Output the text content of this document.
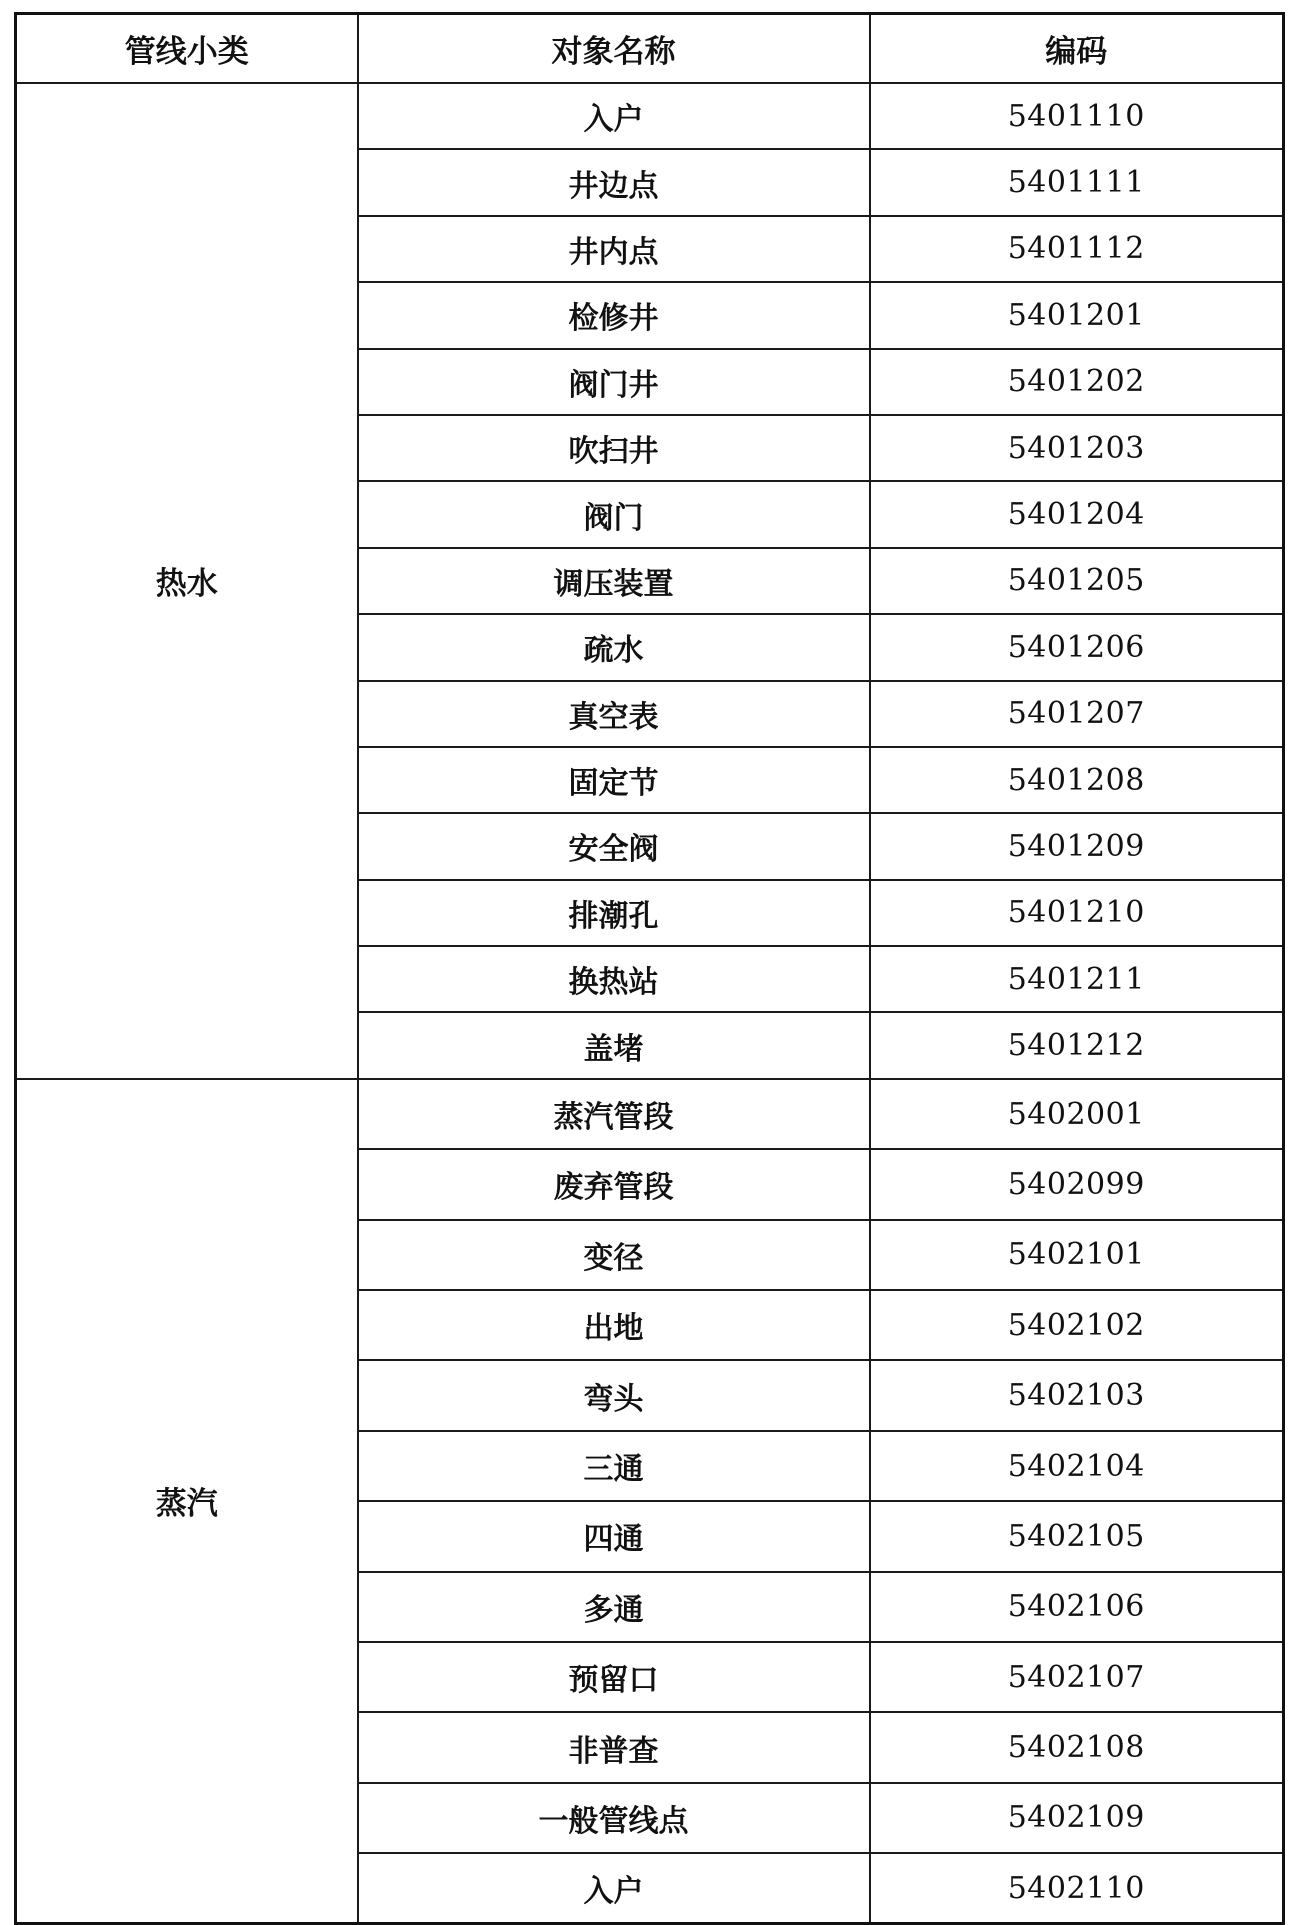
管线小类	对象名称	编码
热水	入户	5401110
	井边点	5401111
	井内点	5401112
	检修井	5401201
	阀门井	5401202
	吹扫井	5401203
	阀门	5401204
	调压装置	5401205
	疏水	5401206
	真空表	5401207
	固定节	5401208
	安全阀	5401209
	排潮孔	5401210
	换热站	5401211
	盖堵	5401212
蒸汽	蒸汽管段	5402001
	废弃管段	5402099
	变径	5402101
	出地	5402102
	弯头	5402103
	三通	5402104
	四通	5402105
	多通	5402106
	预留口	5402107
	非普查	5402108
	一般管线点	5402109
	入户	5402110
